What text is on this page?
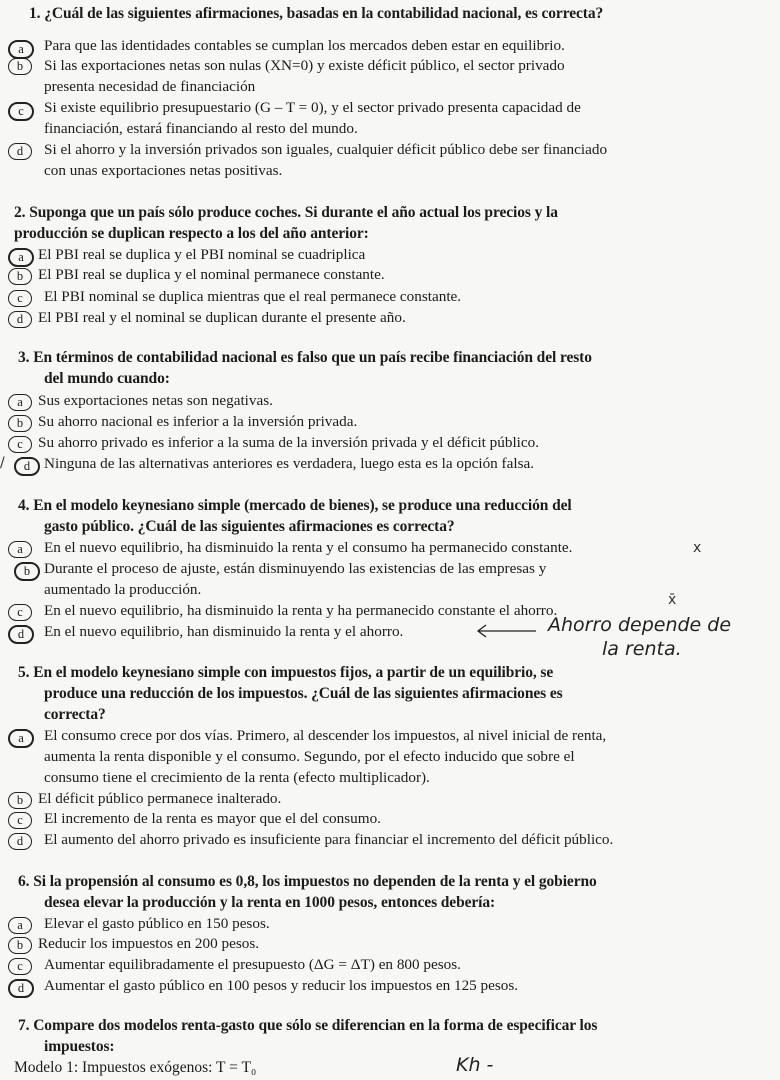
1. ¿Cuál de las siguientes afirmaciones, basadas en la contabilidad nacional, es correcta?
a	Para que las identidades contables se cumplan los mercados deben estar en equilibrio.
b	Si las exportaciones netas son nulas (XN=0) y existe déficit público, el sector privado
presenta necesidad de financiación
c	Si existe equilibrio presupuestario (G – T = 0), y el sector privado presenta capacidad de
financiación, estará financiando al resto del mundo.
d	Si el ahorro y la inversión privados son iguales, cualquier déficit público debe ser financiado
con unas exportaciones netas positivas.
2. Suponga que un país sólo produce coches. Si durante el año actual los precios y la
producción se duplican respecto a los del año anterior:
a El PBI real se duplica y el PBI nominal se cuadriplica
b El PBI real se duplica y el nominal permanece constante.
c	El PBI nominal se duplica mientras que el real permanece constante.
d El PBI real y el nominal se duplican durante el presente año.
3. En términos de contabilidad nacional es falso que un país recibe financiación del resto
del mundo cuando:
a	Sus exportaciones netas son negativas.
b Su ahorro nacional es inferior a la inversión privada.
c	Su ahorro privado es inferior a la suma de la inversión privada y el déficit público.
/	d Ninguna de las alternativas anteriores es verdadera, luego esta es la opción falsa.
4. En el modelo keynesiano simple (mercado de bienes), se produce una reducción del
gasto público. ¿Cuál de las siguientes afirmaciones es correcta?
a	En el nuevo equilibrio, ha disminuido la renta y el consumo ha permanecido constante.	x
b Durante el proceso de ajuste, están disminuyendo las existencias de las empresas y
aumentado la producción.
c	En el nuevo equilibrio, ha disminuido la renta y ha permanecido constante el ahorro.
x̄
d	En el nuevo equilibrio, han disminuido la renta y el ahorro.	Ahorro depende de
la renta.
5. En el modelo keynesiano simple con impuestos fijos, a partir de un equilibrio, se
produce una reducción de los impuestos. ¿Cuál de las siguientes afirmaciones es
correcta?
a	El consumo crece por dos vías. Primero, al descender los impuestos, al nivel inicial de renta,
aumenta la renta disponible y el consumo. Segundo, por el efecto inducido que sobre el
consumo tiene el crecimiento de la renta (efecto multiplicador).
b El déficit público permanece inalterado.
c	El incremento de la renta es mayor que el del consumo.
d	El aumento del ahorro privado es insuficiente para financiar el incremento del déficit público.
6. Si la propensión al consumo es 0,8, los impuestos no dependen de la renta y el gobierno
desea elevar la producción y la renta en 1000 pesos, entonces debería:
a	Elevar el gasto público en 150 pesos.
b Reducir los impuestos en 200 pesos.
c	Aumentar equilibradamente el presupuesto (ΔG = ΔT) en 800 pesos.
d	Aumentar el gasto público en 100 pesos y reducir los impuestos en 125 pesos.
7. Compare dos modelos renta-gasto que sólo se diferencian en la forma de especificar los
impuestos:
Modelo 1: Impuestos exógenos: T = T₀	Kh -
